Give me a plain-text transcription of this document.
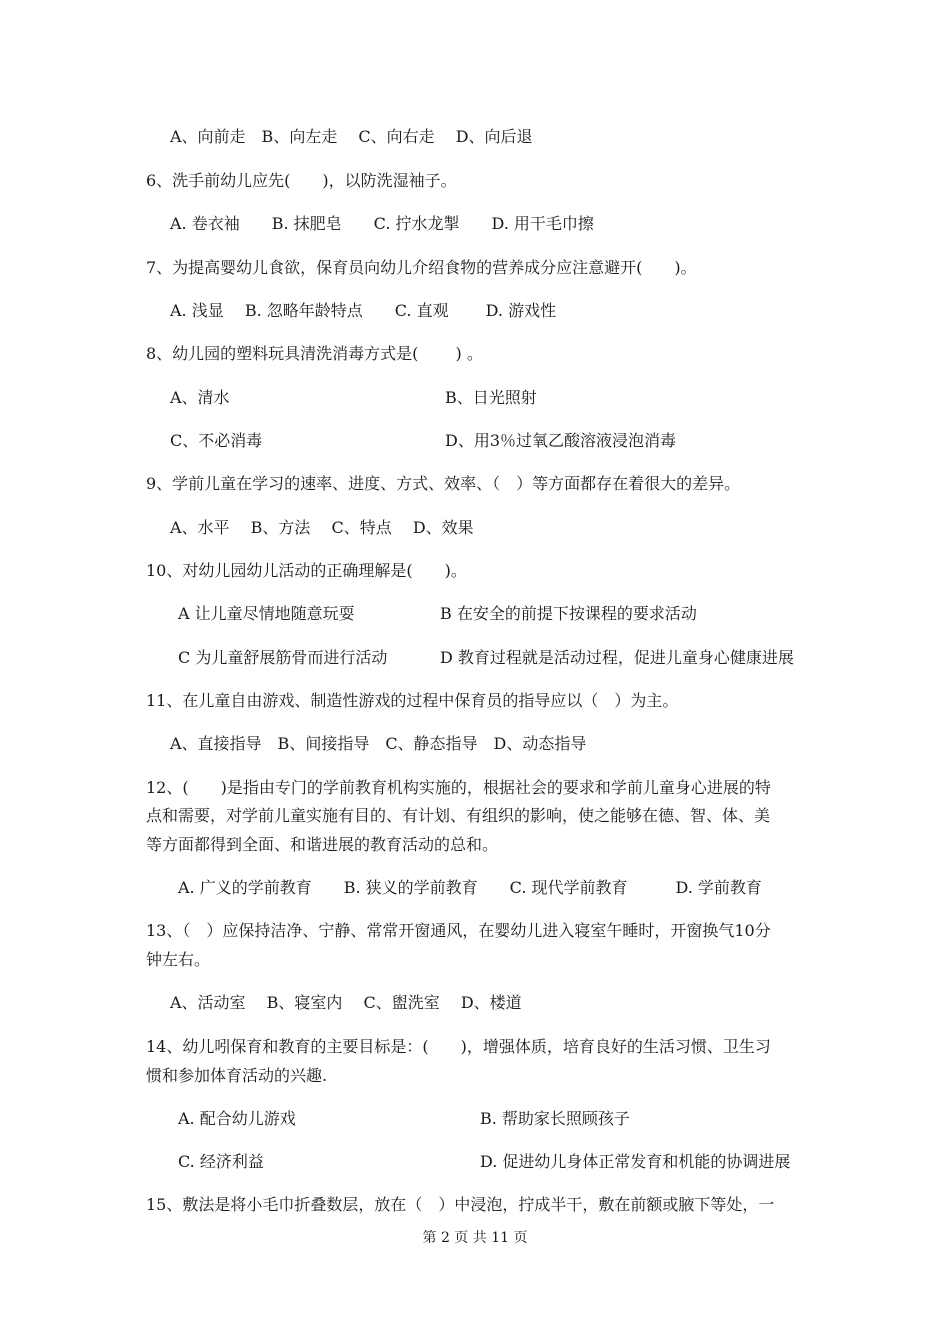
A、向前走　B、向左走　 C、向右走　 D、向后退
6、洗手前幼儿应先(　　)，以防洗湿袖子。
A. 卷衣袖　　B. 抹肥皂　　C. 拧水龙掣　　D. 用干毛巾擦
7、为提高婴幼儿食欲，保育员向幼儿介绍食物的营养成分应注意避开(　　)。
A. 浅显　 B. 忽略年龄特点　　C. 直观　　 D. 游戏性
8、幼儿园的塑料玩具清洗消毒方式是(　　 ) 。
A、清水	B、日光照射
C、不必消毒	D、用3％过氧乙酸溶液浸泡消毒
9、学前儿童在学习的速率、进度、方式、效率、（　）等方面都存在着很大的差异。
A、水平　 B、方法　 C、特点　 D、效果
10、对幼儿园幼儿活动的正确理解是(　　)。
A 让儿童尽情地随意玩耍	B 在安全的前提下按课程的要求活动
C 为儿童舒展筋骨而进行活动	D 教育过程就是活动过程，促进儿童身心健康进展
11、在儿童自由游戏、制造性游戏的过程中保育员的指导应以（　）为主。
A、直接指导　B、间接指导　C、静态指导　D、动态指导
12、(　　)是指由专门的学前教育机构实施的，根据社会的要求和学前儿童身心进展的特
点和需要，对学前儿童实施有目的、有计划、有组织的影响，使之能够在德、智、体、美
等方面都得到全面、和谐进展的教育活动的总和。
A. 广义的学前教育　　B. 狭义的学前教育　　C. 现代学前教育　　　D. 学前教育
13、（　）应保持洁净、宁静、常常开窗通风，在婴幼儿进入寝室午睡时，开窗换气10分
钟左右。
A、活动室　 B、寝室内　 C、盥洗室　 D、楼道
14、幼儿吲保育和教育的主要目标是：(　　)，增强体质，培育良好的生活习惯、卫生习
惯和参加体育活动的兴趣.
A. 配合幼儿游戏	B. 帮助家长照顾孩子
C. 经济利益	D. 促进幼儿身体正常发育和机能的协调进展
15、敷法是将小毛巾折叠数层，放在（　）中浸泡，拧成半干，敷在前额或腋下等处，一
第 2 页 共 11 页
